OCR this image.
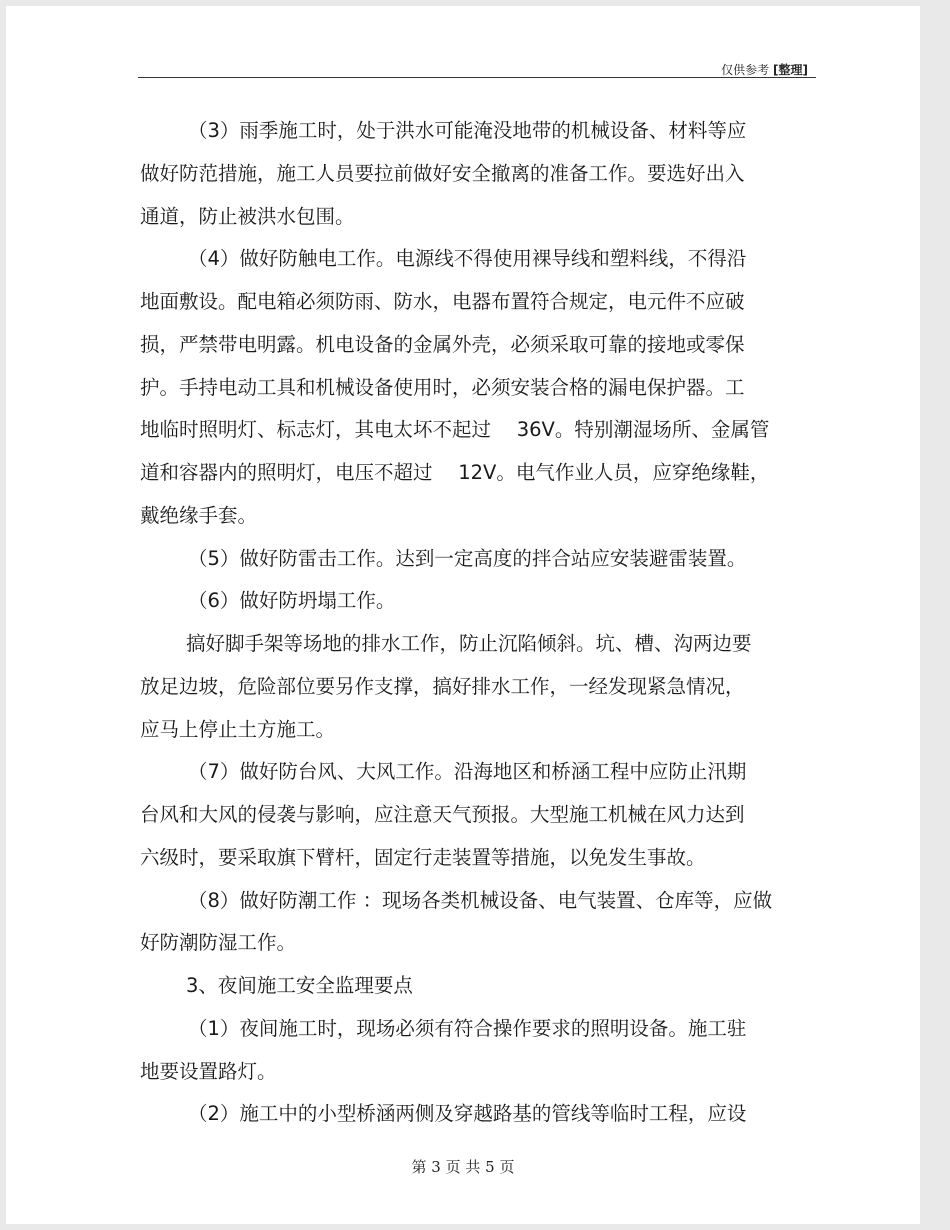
仅供参考 [整理]
（3）雨季施工时，处于洪水可能淹没地带的机械设备、材料等应
做好防范措施，施工人员要拉前做好安全撤离的准备工作。要选好出入
通道，防止被洪水包围。
（4）做好防触电工作。电源线不得使用裸导线和塑料线，不得沿
地面敷设。配电箱必须防雨、防水，电器布置符合规定，电元件不应破
损，严禁带电明露。机电设备的金属外壳，必须采取可靠的接地或零保
护。手持电动工具和机械设备使用时，必须安装合格的漏电保护器。工
地临时照明灯、标志灯，其电太坏不起过　 36V。特别潮湿场所、金属管
道和容器内的照明灯，电压不超过　 12V。电气作业人员，应穿绝缘鞋，
戴绝缘手套。
（5）做好防雷击工作。达到一定高度的拌合站应安装避雷装置。
（6）做好防坍塌工作。
搞好脚手架等场地的排水工作，防止沉陷倾斜。坑、槽、沟两边要
放足边坡，危险部位要另作支撑，搞好排水工作，一经发现紧急情况，
应马上停止土方施工。
（7）做好防台风、大风工作。沿海地区和桥涵工程中应防止汛期
台风和大风的侵袭与影响，应注意天气预报。大型施工机械在风力达到
六级时，要采取旗下臂杆，固定行走装置等措施，以免发生事故。
（8）做好防潮工作 ：现场各类机械设备、电气装置、仓库等，应做
好防潮防湿工作。
3、夜间施工安全监理要点
（1）夜间施工时，现场必须有符合操作要求的照明设备。施工驻
地要设置路灯。
（2）施工中的小型桥涵两侧及穿越路基的管线等临时工程，应设
第 3 页 共 5 页
